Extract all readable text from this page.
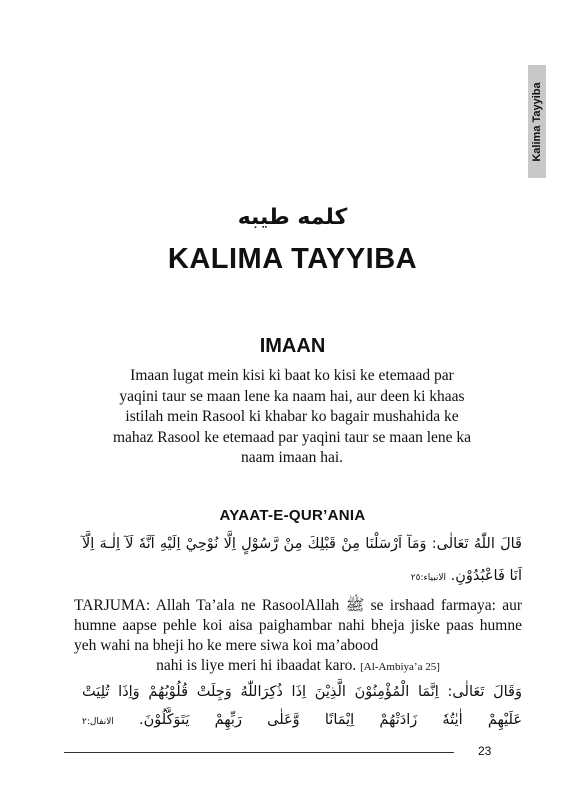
Kalima Tayyiba
كلمه طيبه
KALIMA TAYYIBA
IMAAN
Imaan lugat mein kisi ki baat ko kisi ke etemaad par yaqini taur se maan lene ka naam hai, aur deen ki khaas istilah mein Rasool ki khabar ko bagair mushahida ke mahaz Rasool ke etemaad par yaqini taur se maan lene ka naam imaan hai.
AYAAT-E-QUR’ANIA
قَالَ اللّٰهُ تَعَالٰى: وَمَآ اَرْسَلْنَا مِنْ قَبْلِكَ مِنْ رَّسُوْلٍ اِلَّا نُوْحِيْ اِلَيْهِ اَنَّهٗ لَآ اِلٰـهَ اِلَّآ
اَنَا فَاعْبُدُوْنِ. الانبياء:٢٥
TARJUMA: Allah Ta’ala ne RasoolAllah ﷺ se irshaad farmaya: aur humne aapse pehle koi aisa paighambar nahi bheja jiske paas humne yeh wahi na bheji ho ke mere siwa koi ma’abood
nahi is liye meri hi ibaadat karo. [Al-Ambiya’a 25]
وَقَالَ تَعَالٰى: اِنَّمَا الْمُؤْمِنُوْنَ الَّذِيْنَ اِذَا ذُكِرَاللّٰهُ وَجِلَتْ قُلُوْبُهُمْ وَاِذَا تُلِيَتْ
عَلَيْهِمْ اٰيٰتُهٗ زَادَتْهُمْ اِيْمَانًا وَّعَلٰى رَبِّهِمْ يَتَوَكَّلُوْنَ. الانفال:٢
23
